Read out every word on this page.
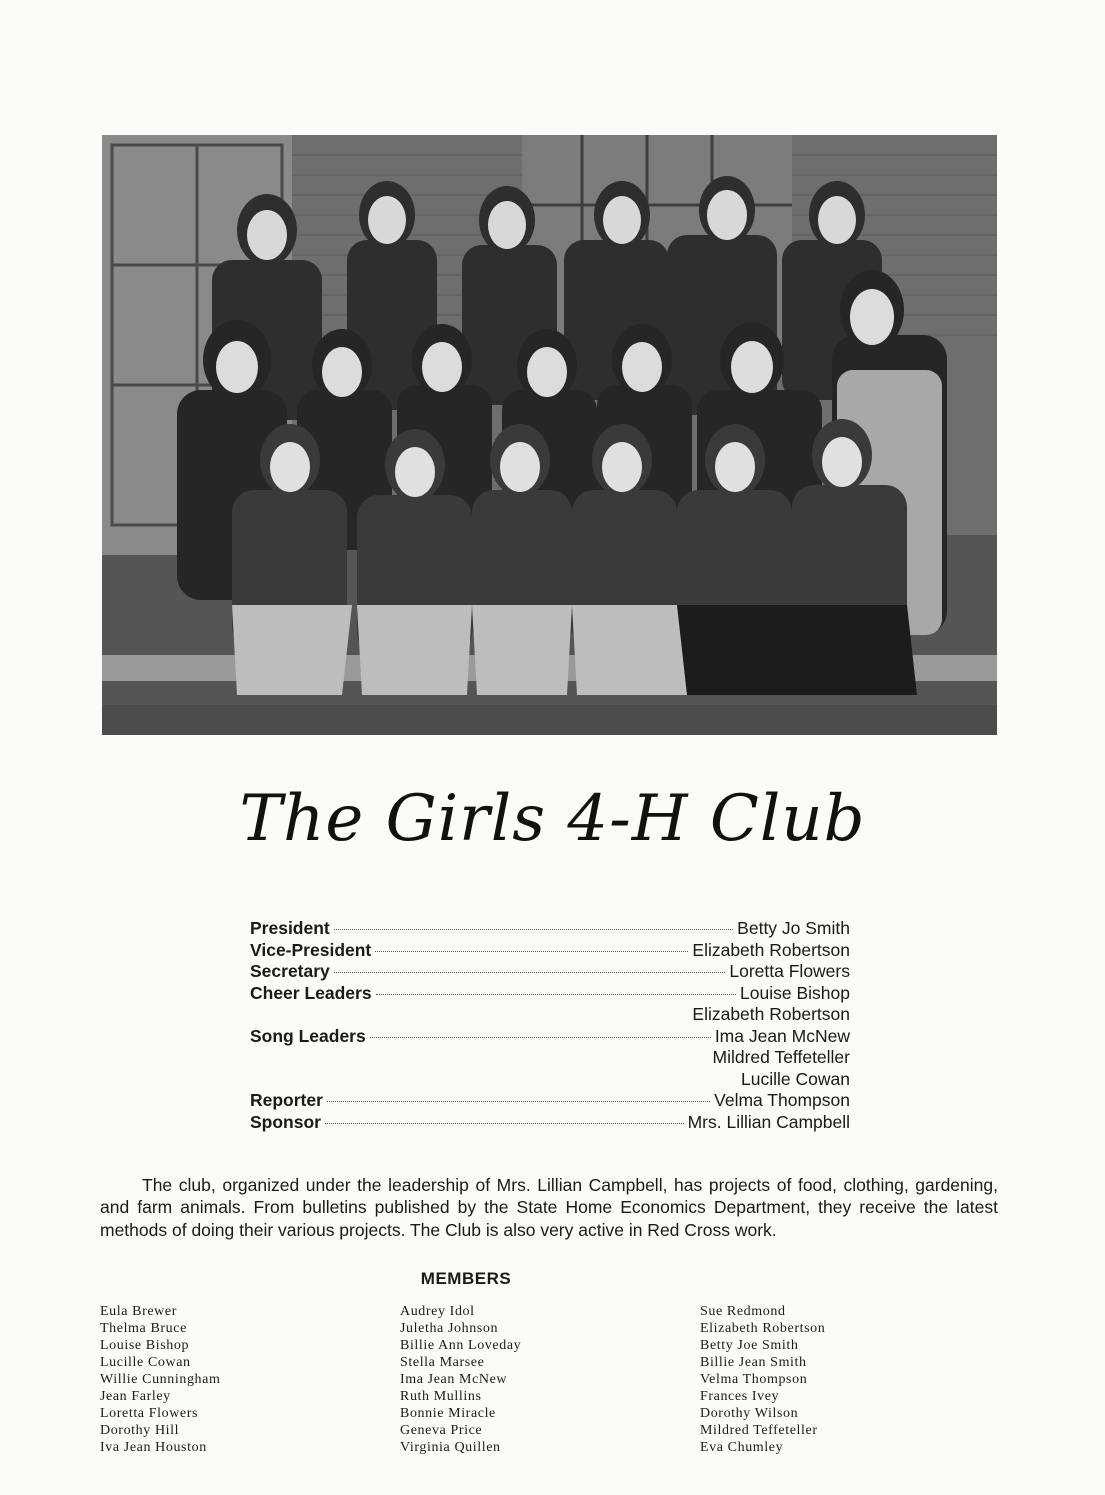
The Girls 4-H Club
President	Betty Jo Smith
Vice-President	Elizabeth Robertson
Secretary	Loretta Flowers
Cheer Leaders	Louise Bishop
Elizabeth Robertson
Song Leaders	Ima Jean McNew
Mildred Teffeteller
Lucille Cowan
Reporter	Velma Thompson
Sponsor	Mrs. Lillian Campbell

The club, organized under the leadership of Mrs. Lillian Campbell, has projects of food, clothing, gardening, and farm animals. From bulletins published by the State Home Economics Department, they receive the latest methods of doing their various projects. The Club is also very active in Red Cross work.

MEMBERS
Eula Brewer
Thelma Bruce
Louise Bishop
Lucille Cowan
Willie Cunningham
Jean Farley
Loretta Flowers
Dorothy Hill
Iva Jean Houston
Audrey Idol
Juletha Johnson
Billie Ann Loveday
Stella Marsee
Ima Jean McNew
Ruth Mullins
Bonnie Miracle
Geneva Price
Virginia Quillen
Sue Redmond
Elizabeth Robertson
Betty Joe Smith
Billie Jean Smith
Velma Thompson
Frances Ivey
Dorothy Wilson
Mildred Teffeteller
Eva Chumley
